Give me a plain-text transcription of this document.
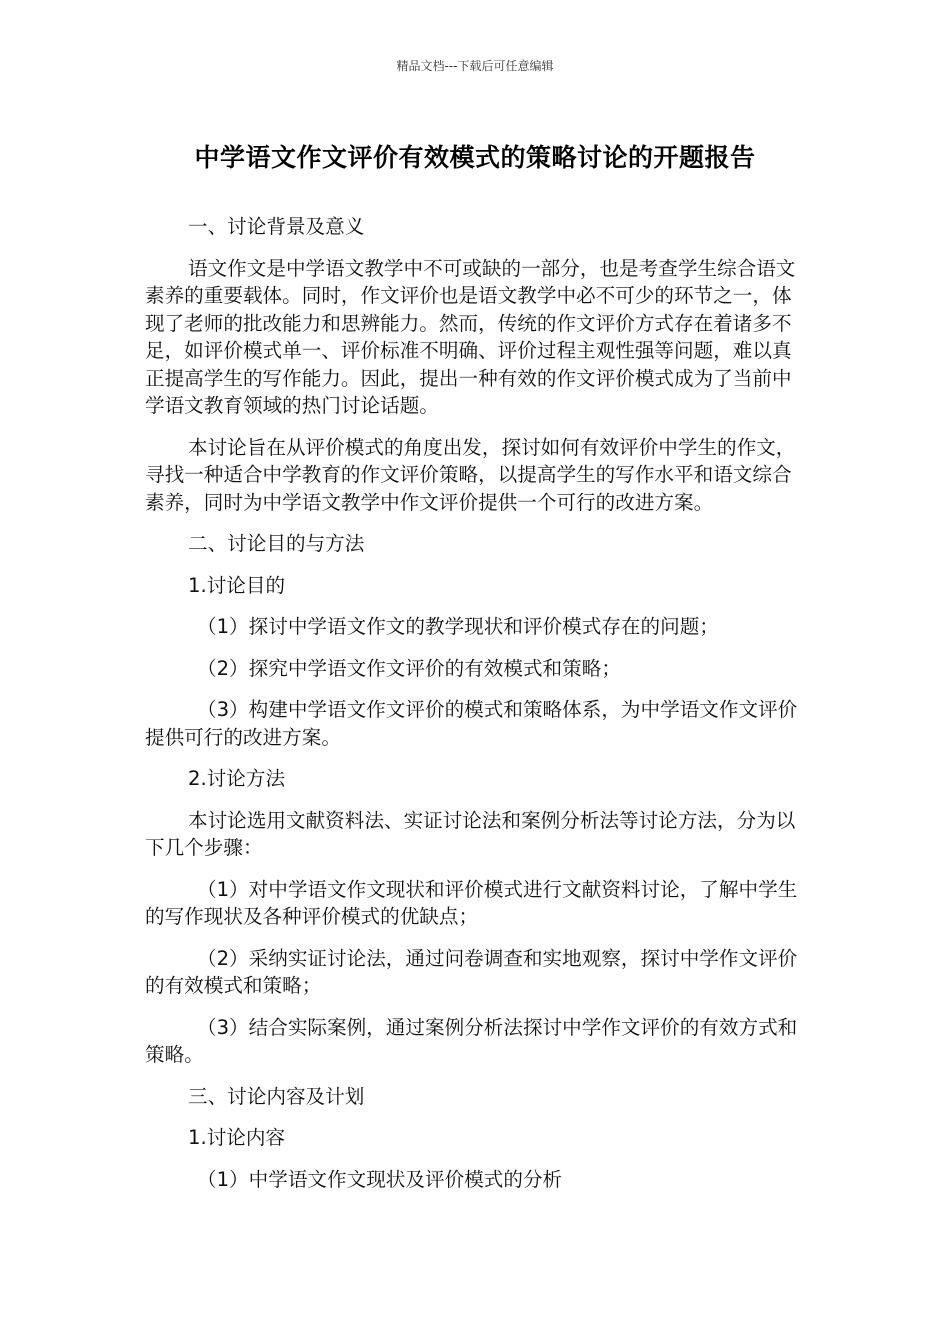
精品文档---下载后可任意编辑
中学语文作文评价有效模式的策略讨论的开题报告

一、讨论背景及意义

语文作文是中学语文教学中不可或缺的一部分，也是考查学生综合语文素养的重要载体。同时，作文评价也是语文教学中必不可少的环节之一，体现了老师的批改能力和思辨能力。然而，传统的作文评价方式存在着诸多不足，如评价模式单一、评价标准不明确、评价过程主观性强等问题，难以真正提高学生的写作能力。因此，提出一种有效的作文评价模式成为了当前中学语文教育领域的热门讨论话题。

本讨论旨在从评价模式的角度出发，探讨如何有效评价中学生的作文，寻找一种适合中学教育的作文评价策略，以提高学生的写作水平和语文综合素养，同时为中学语文教学中作文评价提供一个可行的改进方案。

二、讨论目的与方法

1.讨论目的

（1）探讨中学语文作文的教学现状和评价模式存在的问题；

（2）探究中学语文作文评价的有效模式和策略；

（3）构建中学语文作文评价的模式和策略体系，为中学语文作文评价提供可行的改进方案。

2.讨论方法

本讨论选用文献资料法、实证讨论法和案例分析法等讨论方法，分为以下几个步骤：

（1）对中学语文作文现状和评价模式进行文献资料讨论，了解中学生的写作现状及各种评价模式的优缺点；

（2）采纳实证讨论法，通过问卷调查和实地观察，探讨中学作文评价的有效模式和策略；

（3）结合实际案例，通过案例分析法探讨中学作文评价的有效方式和策略。

三、讨论内容及计划

1.讨论内容

（1）中学语文作文现状及评价模式的分析
